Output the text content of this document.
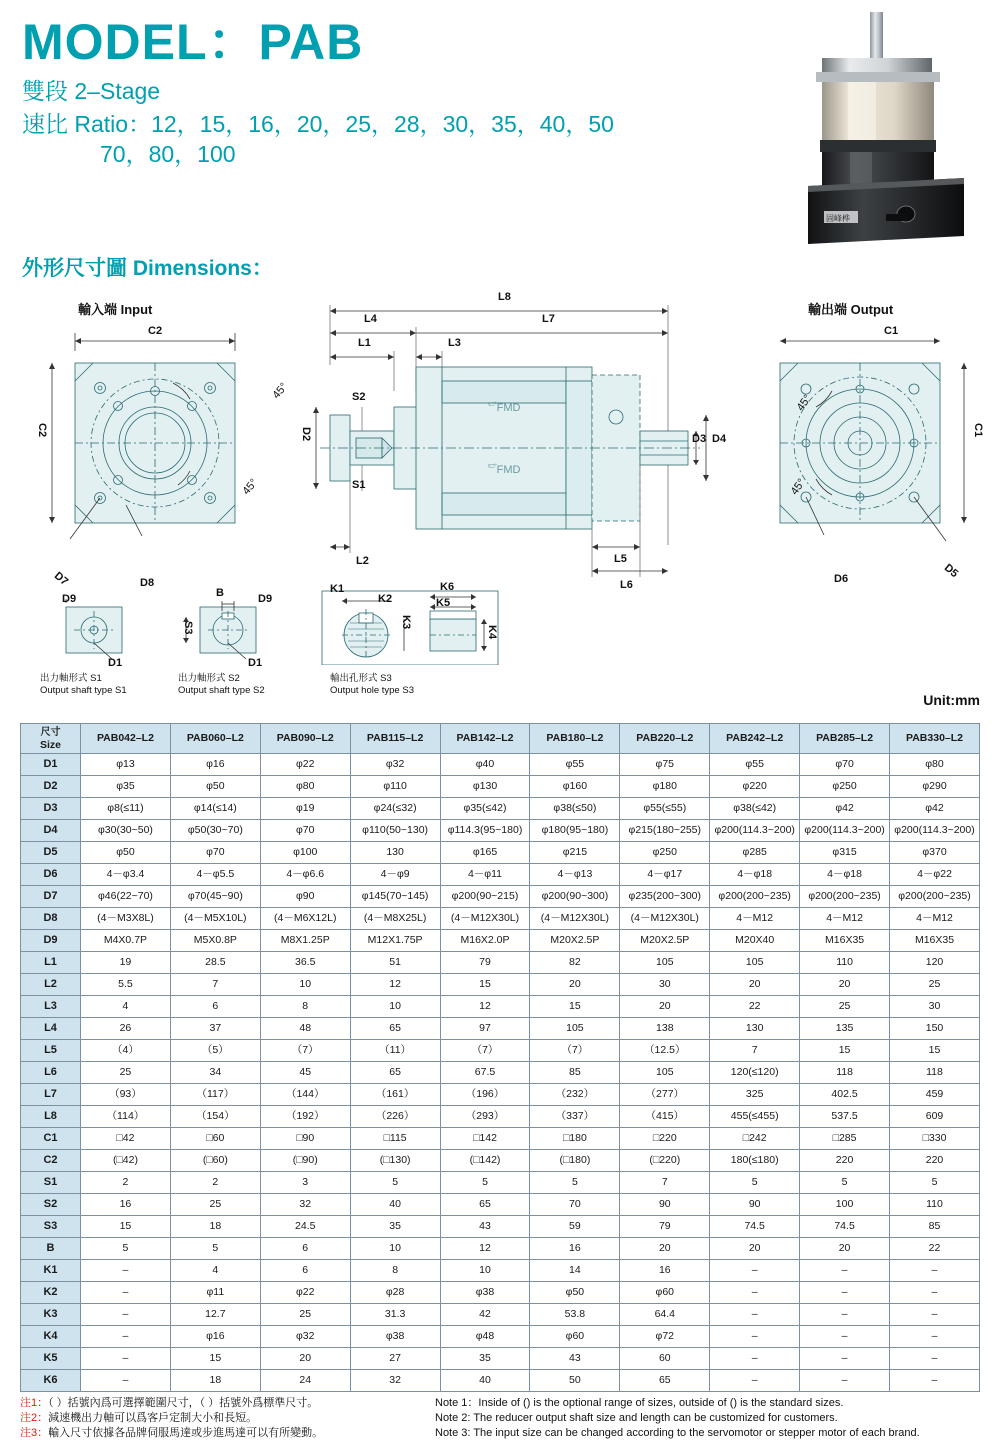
MODEL：PAB
雙段 2–Stage
速比 Ratio：12，15，16，20，25，28，30，35，40，50
70，80，100
固峰桦
外形尺寸圖 Dimensions：
輸入端 Input	輸出端 Output
C2
C2
45°
45°
D7	D8
ᄃ゙FMD
ᄃ゙FMD
L8
L4	L7
L1	L3
S2
S1
D2	D3 D4
L2	L5
L6
C1
C1
45°
45°
D6	D5
D9
D1
B	D9
S3
D1
K1
K2
K3
K6
K5
K4
出力軸形式 S1
Output shaft type S1
出力軸形式 S2
Output shaft type S2
輸出孔形式 S3
Output hole type S3
Unit:mm
尺寸
Size	PAB042–L2	PAB060–L2	PAB090–L2	PAB115–L2	PAB142–L2	PAB180–L2	PAB220–L2	PAB242–L2	PAB285–L2	PAB330–L2
D1	φ13	φ16	φ22	φ32	φ40	φ55	φ75	φ55	φ70	φ80
D2	φ35	φ50	φ80	φ110	φ130	φ160	φ180	φ220	φ250	φ290
D3	φ8(≤11)	φ14(≤14)	φ19	φ24(≤32)	φ35(≤42)	φ38(≤50)	φ55(≤55)	φ38(≤42)	φ42	φ42
D4	φ30(30~50)	φ50(30~70)	φ70	φ110(50~130)	φ114.3(95~180)	φ180(95~180)	φ215(180~255)	φ200(114.3~200)	φ200(114.3~200)	φ200(114.3~200)
D5	φ50	φ70	φ100	130	φ165	φ215	φ250	φ285	φ315	φ370
D6	4－φ3.4	4－φ5.5	4－φ6.6	4－φ9	4－φ11	4－φ13	4－φ17	4－φ18	4－φ18	4－φ22
D7	φ46(22~70)	φ70(45~90)	φ90	φ145(70~145)	φ200(90~215)	φ200(90~300)	φ235(200~300)	φ200(200~235)	φ200(200~235)	φ200(200~235)
D8	(4－M3X8L)	(4－M5X10L)	(4－M6X12L)	(4－M8X25L)	(4－M12X30L)	(4－M12X30L)	(4－M12X30L)	4－M12	4－M12	4－M12
D9	M4X0.7P	M5X0.8P	M8X1.25P	M12X1.75P	M16X2.0P	M20X2.5P	M20X2.5P	M20X40	M16X35	M16X35
L1	19	28.5	36.5	51	79	82	105	105	110	120
L2	5.5	7	10	12	15	20	30	20	20	25
L3	4	6	8	10	12	15	20	22	25	30
L4	26	37	48	65	97	105	138	130	135	150
L5	（4）	（5）	（7）	（11）	（7）	（7）	（12.5）	7	15	15
L6	25	34	45	65	67.5	85	105	120(≤120)	118	118
L7	（93）	（117）	（144）	（161）	（196）	（232）	（277）	325	402.5	459
L8	（114）	（154）	（192）	（226）	（293）	（337）	（415）	455(≤455)	537.5	609
C1	□42	□60	□90	□115	□142	□180	□220	□242	□285	□330
C2	(□42)	(□60)	(□90)	(□130)	(□142)	(□180)	(□220)	180(≤180)	220	220
S1	2	2	3	5	5	5	7	5	5	5
S2	16	25	32	40	65	70	90	90	100	110
S3	15	18	24.5	35	43	59	79	74.5	74.5	85
B	5	5	6	10	12	16	20	20	20	22
K1	–	4	6	8	10	14	16	–	–	–
K2	–	φ11	φ22	φ28	φ38	φ50	φ60	–	–	–
K3	–	12.7	25	31.3	42	53.8	64.4	–	–	–
K4	–	φ16	φ32	φ38	φ48	φ60	φ72	–	–	–
K5	–	15	20	27	35	43	60	–	–	–
K6	–	18	24	32	40	50	65	–	–	–
注1：（ ）括號內爲可選擇範圍尺寸，（ ）括號外爲標準尺寸。	Note 1：Inside of () is the optional range of sizes, outside of () is the standard sizes.
注2：減速機出力軸可以爲客戶定制大小和長短。	Note 2: The reducer output shaft size and length can be customized for customers.
注3：輸入尺寸依據各品牌伺服馬達或步進馬達可以有所變動。	Note 3: The input size can be changed according to the servomotor or stepper motor of each brand.
